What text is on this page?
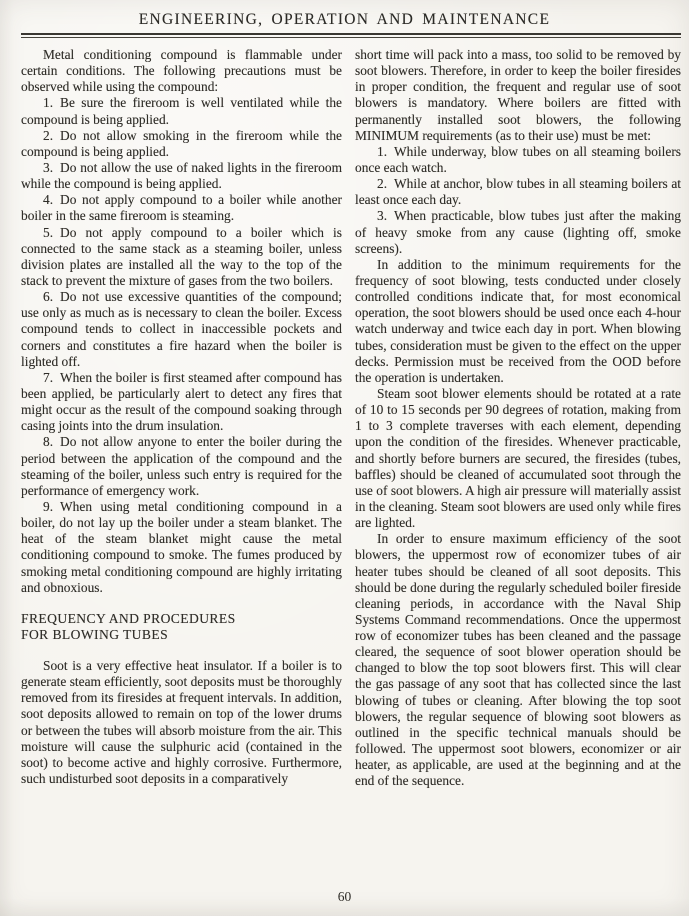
ENGINEERING, OPERATION AND MAINTENANCE

Metal conditioning compound is flammable under certain conditions. The following precautions must be observed while using the compound:

1. Be sure the fireroom is well ventilated while the compound is being applied.

2. Do not allow smoking in the fireroom while the compound is being applied.

3. Do not allow the use of naked lights in the fireroom while the compound is being applied.

4. Do not apply compound to a boiler while another boiler in the same fireroom is steaming.

5. Do not apply compound to a boiler which is connected to the same stack as a steaming boiler, unless division plates are installed all the way to the top of the stack to prevent the mixture of gases from the two boilers.

6. Do not use excessive quantities of the compound; use only as much as is necessary to clean the boiler. Excess compound tends to collect in inaccessible pockets and corners and constitutes a fire hazard when the boiler is lighted off.

7. When the boiler is first steamed after compound has been applied, be particularly alert to detect any fires that might occur as the result of the compound soaking through casing joints into the drum insulation.

8. Do not allow anyone to enter the boiler during the period between the application of the compound and the steaming of the boiler, unless such entry is required for the performance of emergency work.

9. When using metal conditioning compound in a boiler, do not lay up the boiler under a steam blanket. The heat of the steam blanket might cause the metal conditioning compound to smoke. The fumes produced by smoking metal conditioning compound are highly irritating and obnoxious.

FREQUENCY AND PROCEDURES
FOR BLOWING TUBES

Soot is a very effective heat insulator. If a boiler is to generate steam efficiently, soot deposits must be thoroughly removed from its firesides at frequent intervals. In addition, soot deposits allowed to remain on top of the lower drums or between the tubes will absorb moisture from the air. This moisture will cause the sulphuric acid (contained in the soot) to become active and highly corrosive. Furthermore, such undisturbed soot deposits in a comparatively

short time will pack into a mass, too solid to be removed by soot blowers. Therefore, in order to keep the boiler firesides in proper condition, the frequent and regular use of soot blowers is mandatory. Where boilers are fitted with permanently installed soot blowers, the following MINIMUM requirements (as to their use) must be met:

1. While underway, blow tubes on all steaming boilers once each watch.

2. While at anchor, blow tubes in all steaming boilers at least once each day.

3. When practicable, blow tubes just after the making of heavy smoke from any cause (lighting off, smoke screens).

In addition to the minimum requirements for the frequency of soot blowing, tests conducted under closely controlled conditions indicate that, for most economical operation, the soot blowers should be used once each 4-hour watch underway and twice each day in port. When blowing tubes, consideration must be given to the effect on the upper decks. Permission must be received from the OOD before the operation is undertaken.

Steam soot blower elements should be rotated at a rate of 10 to 15 seconds per 90 degrees of rotation, making from 1 to 3 complete traverses with each element, depending upon the condition of the firesides. Whenever practicable, and shortly before burners are secured, the firesides (tubes, baffles) should be cleaned of accumulated soot through the use of soot blowers. A high air pressure will materially assist in the cleaning. Steam soot blowers are used only while fires are lighted.

In order to ensure maximum efficiency of the soot blowers, the uppermost row of economizer tubes of air heater tubes should be cleaned of all soot deposits. This should be done during the regularly scheduled boiler fireside cleaning periods, in accordance with the Naval Ship Systems Command recommendations. Once the uppermost row of economizer tubes has been cleaned and the passage cleared, the sequence of soot blower operation should be changed to blow the top soot blowers first. This will clear the gas passage of any soot that has collected since the last blowing of tubes or cleaning. After blowing the top soot blowers, the regular sequence of blowing soot blowers as outlined in the specific technical manuals should be followed. The uppermost soot blowers, economizer or air heater, as applicable, are used at the beginning and at the end of the sequence.

60
